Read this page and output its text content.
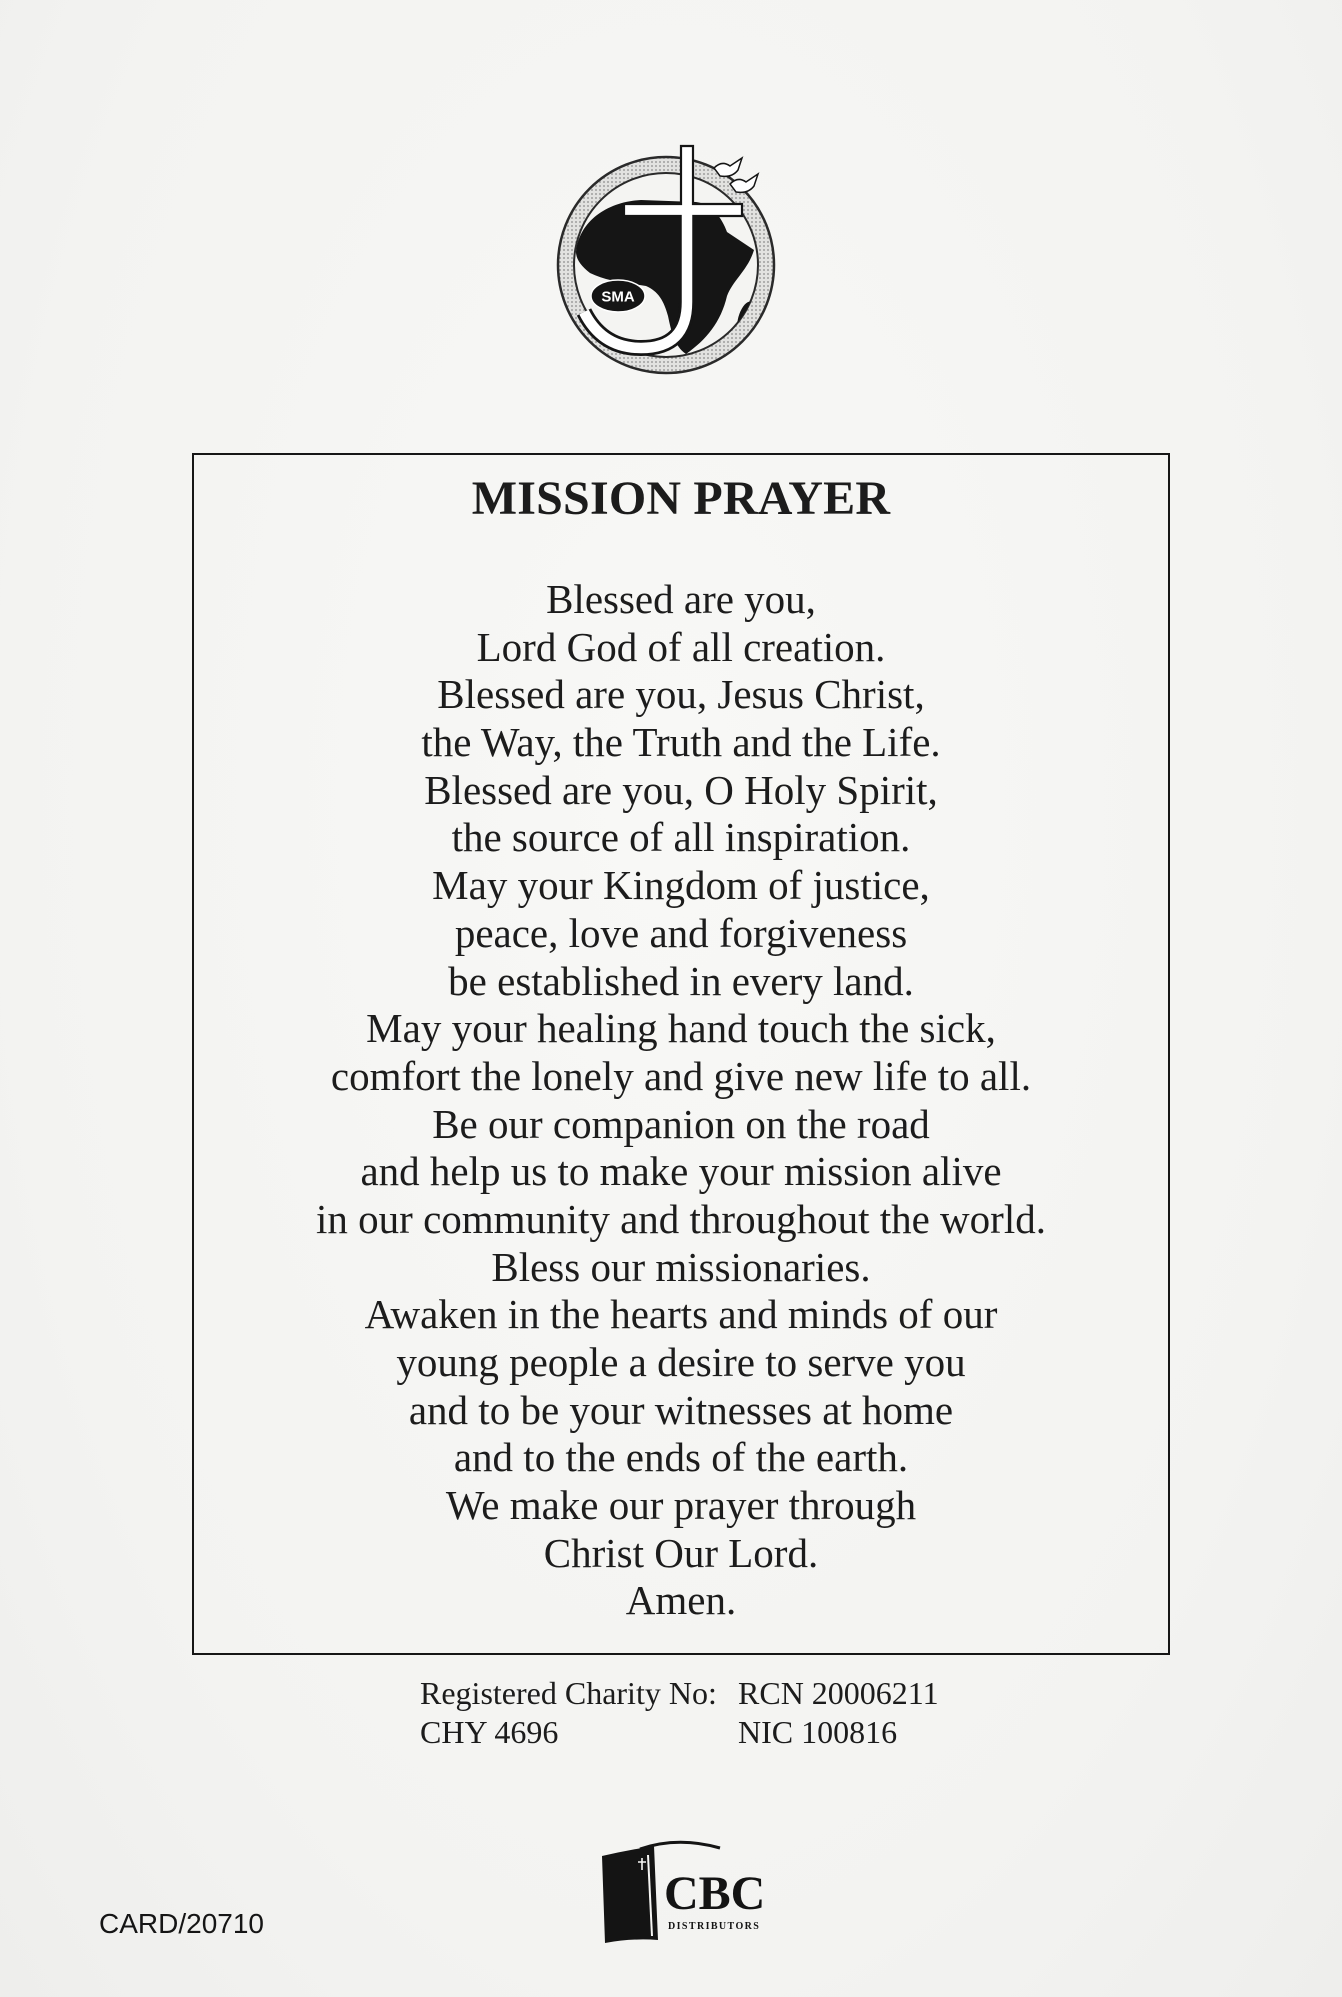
SMA
MISSION PRAYER
Blessed are you,
Lord God of all creation.
Blessed are you, Jesus Christ,
the Way, the Truth and the Life.
Blessed are you, O Holy Spirit,
the source of all inspiration.
May your Kingdom of justice,
peace, love and forgiveness
be established in every land.
May your healing hand touch the sick,
comfort the lonely and give new life to all.
Be our companion on the road
and help us to make your mission alive
in our community and throughout the world.
Bless our missionaries.
Awaken in the hearts and minds of our
young people a desire to serve you
and to be your witnesses at home
and to the ends of the earth.
We make our prayer through
Christ Our Lord.
Amen.
Registered Charity No: RCN 20006211
CHY 4696	NIC 100816
CARD/20710
CBC
DISTRIBUTORS
